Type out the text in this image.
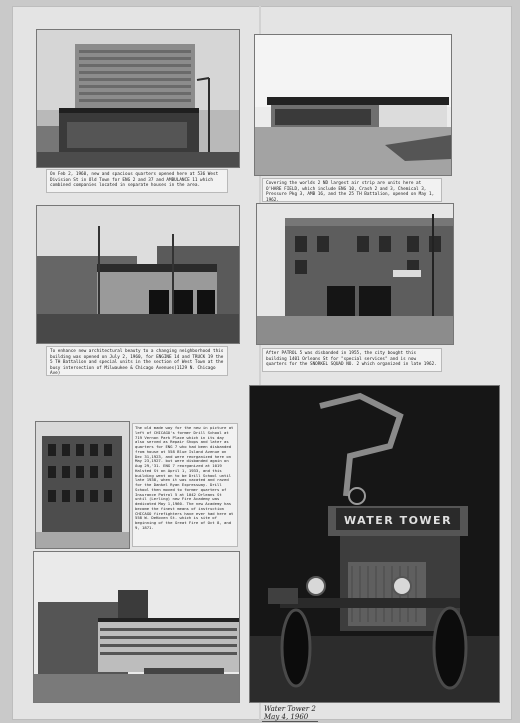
On Feb 2, 1960, new and spacious quarters opened here at 536 West Division St in Old Town for ENG 2 and 37 and AMBULANCE 11 which combined companies located in separate houses in the area.	Covering the worlds 2 ND largest air strip are units here at O'HARE FIELD, which include ENG 10, Crash 2 and 3, Chemical 3, Pressure Pkg 3, AMB 16, and the 25 TH Battalion, opened on May 1, 1962.
To enhance new architectural beauty to a changing neighborhood this building was opened on July 2, 1960, for ENGINE 14 and TRUCK 19 the 5 TH Battalion and special units in the section of West Town at the busy intersection of Milwaukee & Chicago Avenues(1129 N. Chicago Ave)
After PATROL 5 was disbanded in 1955, the city bought this building 1401 Orleans St for "special services" and is now quarters for the SNORKEL SQUAD NO. 2 which organized in late 1962.
The old made way for the new in picture at left of CHICAGO's former Drill School at 719 Vernon Park Place which in its day also served as Repair Shops and later as quarters for ENG 7 who had been disbanded from house at 558 Blue Island Avenue on Dec 31,1923, and were reorganized here on May 23,1927. but were disbanded again on Aug 29,'31. ENG 7 reorganized at 1019 Halsted St on April 1, 1933, and this building went on to be Drill School until late 1938, when it was vacated and razed for the Dankel Ryan Expressway. Drill School then moved to former quarters of Insurance Patrol 5 at 1042 Orleans St until (Lerling) new Fire Academy was dedicated May 1,1960. The new Academy has become the finest means of instruction CHICAGO firefighters have ever had here at 558 W. DeKoven St. which is site of beginning of the Great Fire of Oct 8, and 9, 1871.
WATER TOWER
Water Tower 2
May 4, 1960
